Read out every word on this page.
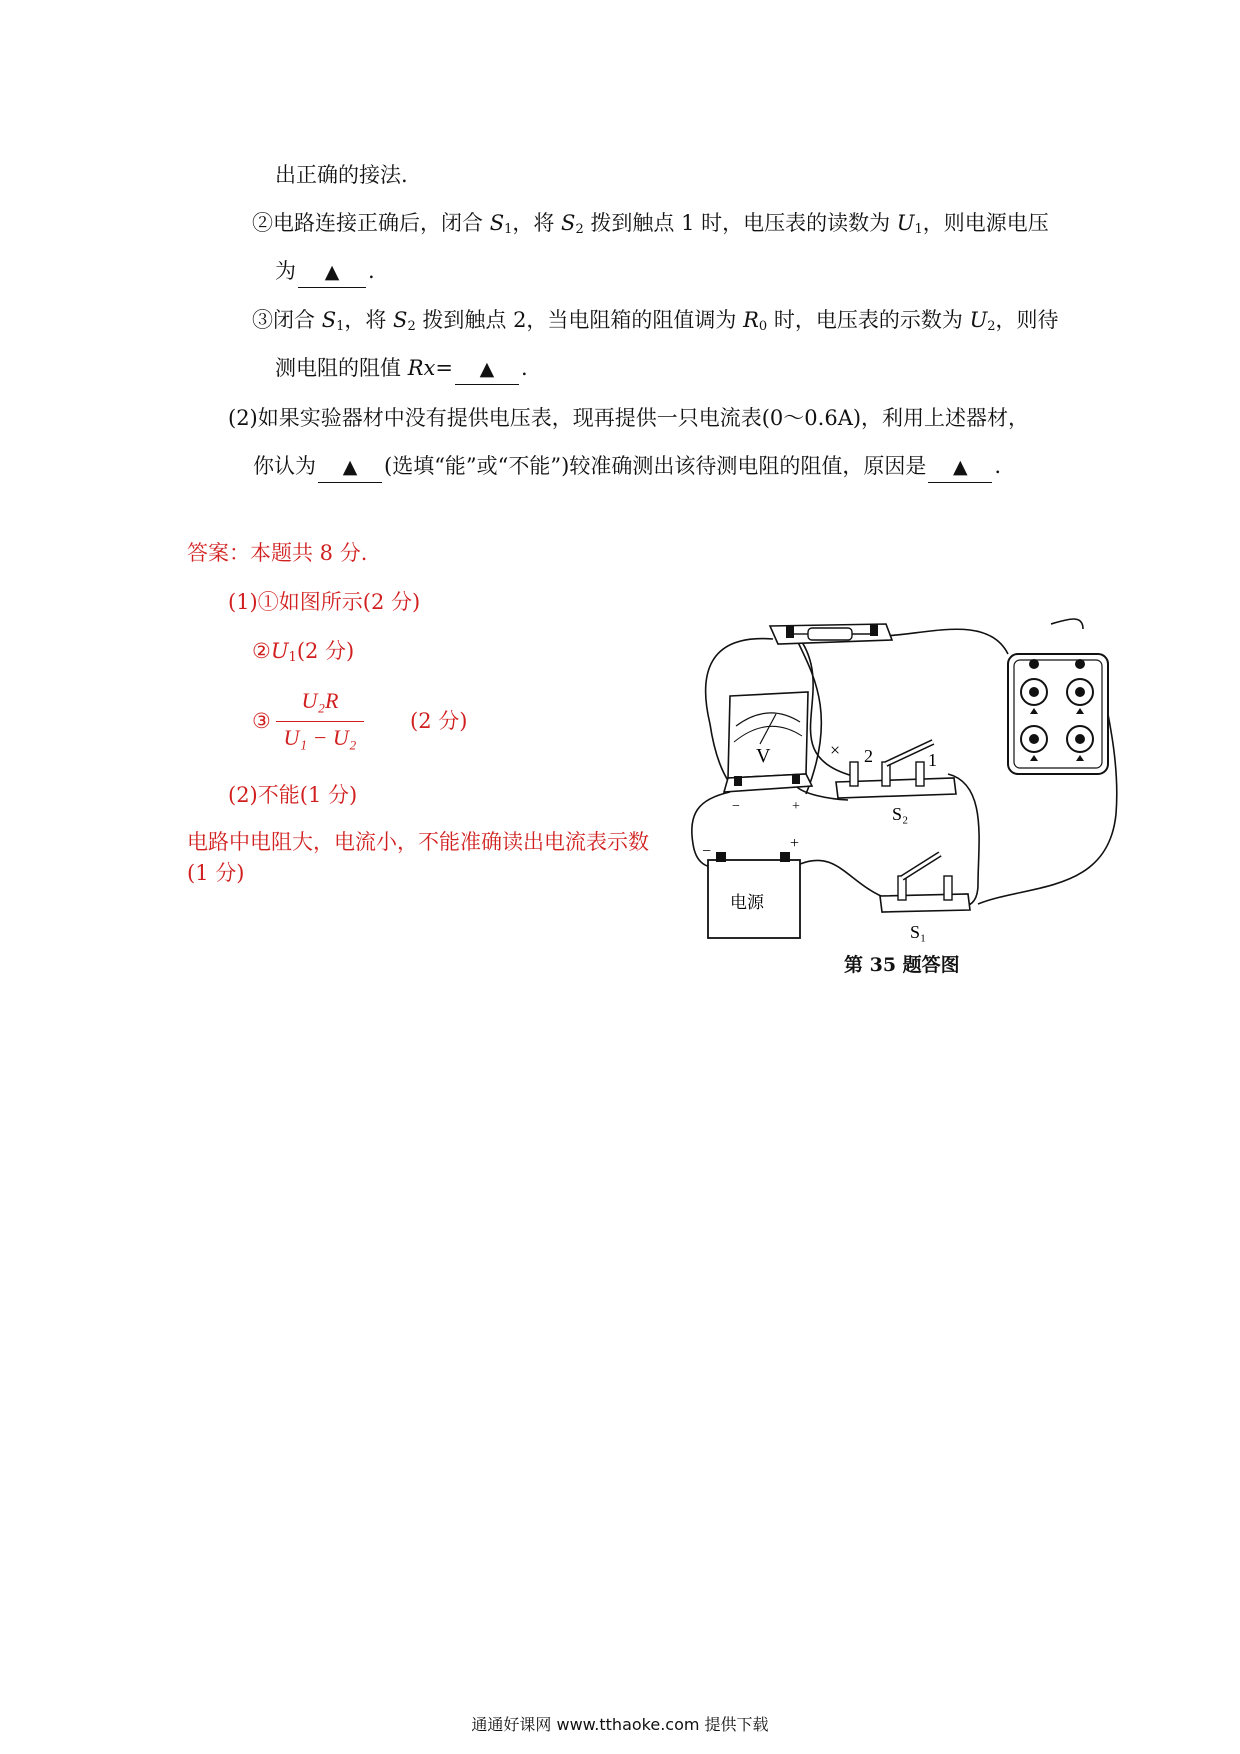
出正确的接法.
②电路连接正确后，闭合 $S_1$，将 $S_2$ 拨到触点 1 时，电压表的读数为 $U_1$，则电源电压
为 ▲ .
③闭合 $S_1$，将 $S_2$ 拨到触点 2，当电阻箱的阻值调为 $R_0$ 时，电压表的示数为 $U_2$，则待
测电阻的阻值 Rx= ▲ .
(2)如果实验器材中没有提供电压表，现再提供一只电流表(0～0.6A)，利用上述器材，
你认为 ▲ (选填“能”或“不能”)较准确测出该待测电阻的阻值，原因是 ▲ .
答案：本题共 8 分.
(1)①如图所示(2 分)
$②U_1(2$ 分)
③
U₂R
U₁ − U₂
(2 分)
(2)不能(1 分)
电路中电阻大，电流小，不能准确读出电流表示数
(1 分)
V
−	+
2	1
×
S₂
−	+
电源
S₁
第 35 题答图
通通好课网 www.tthaoke.com 提供下载
